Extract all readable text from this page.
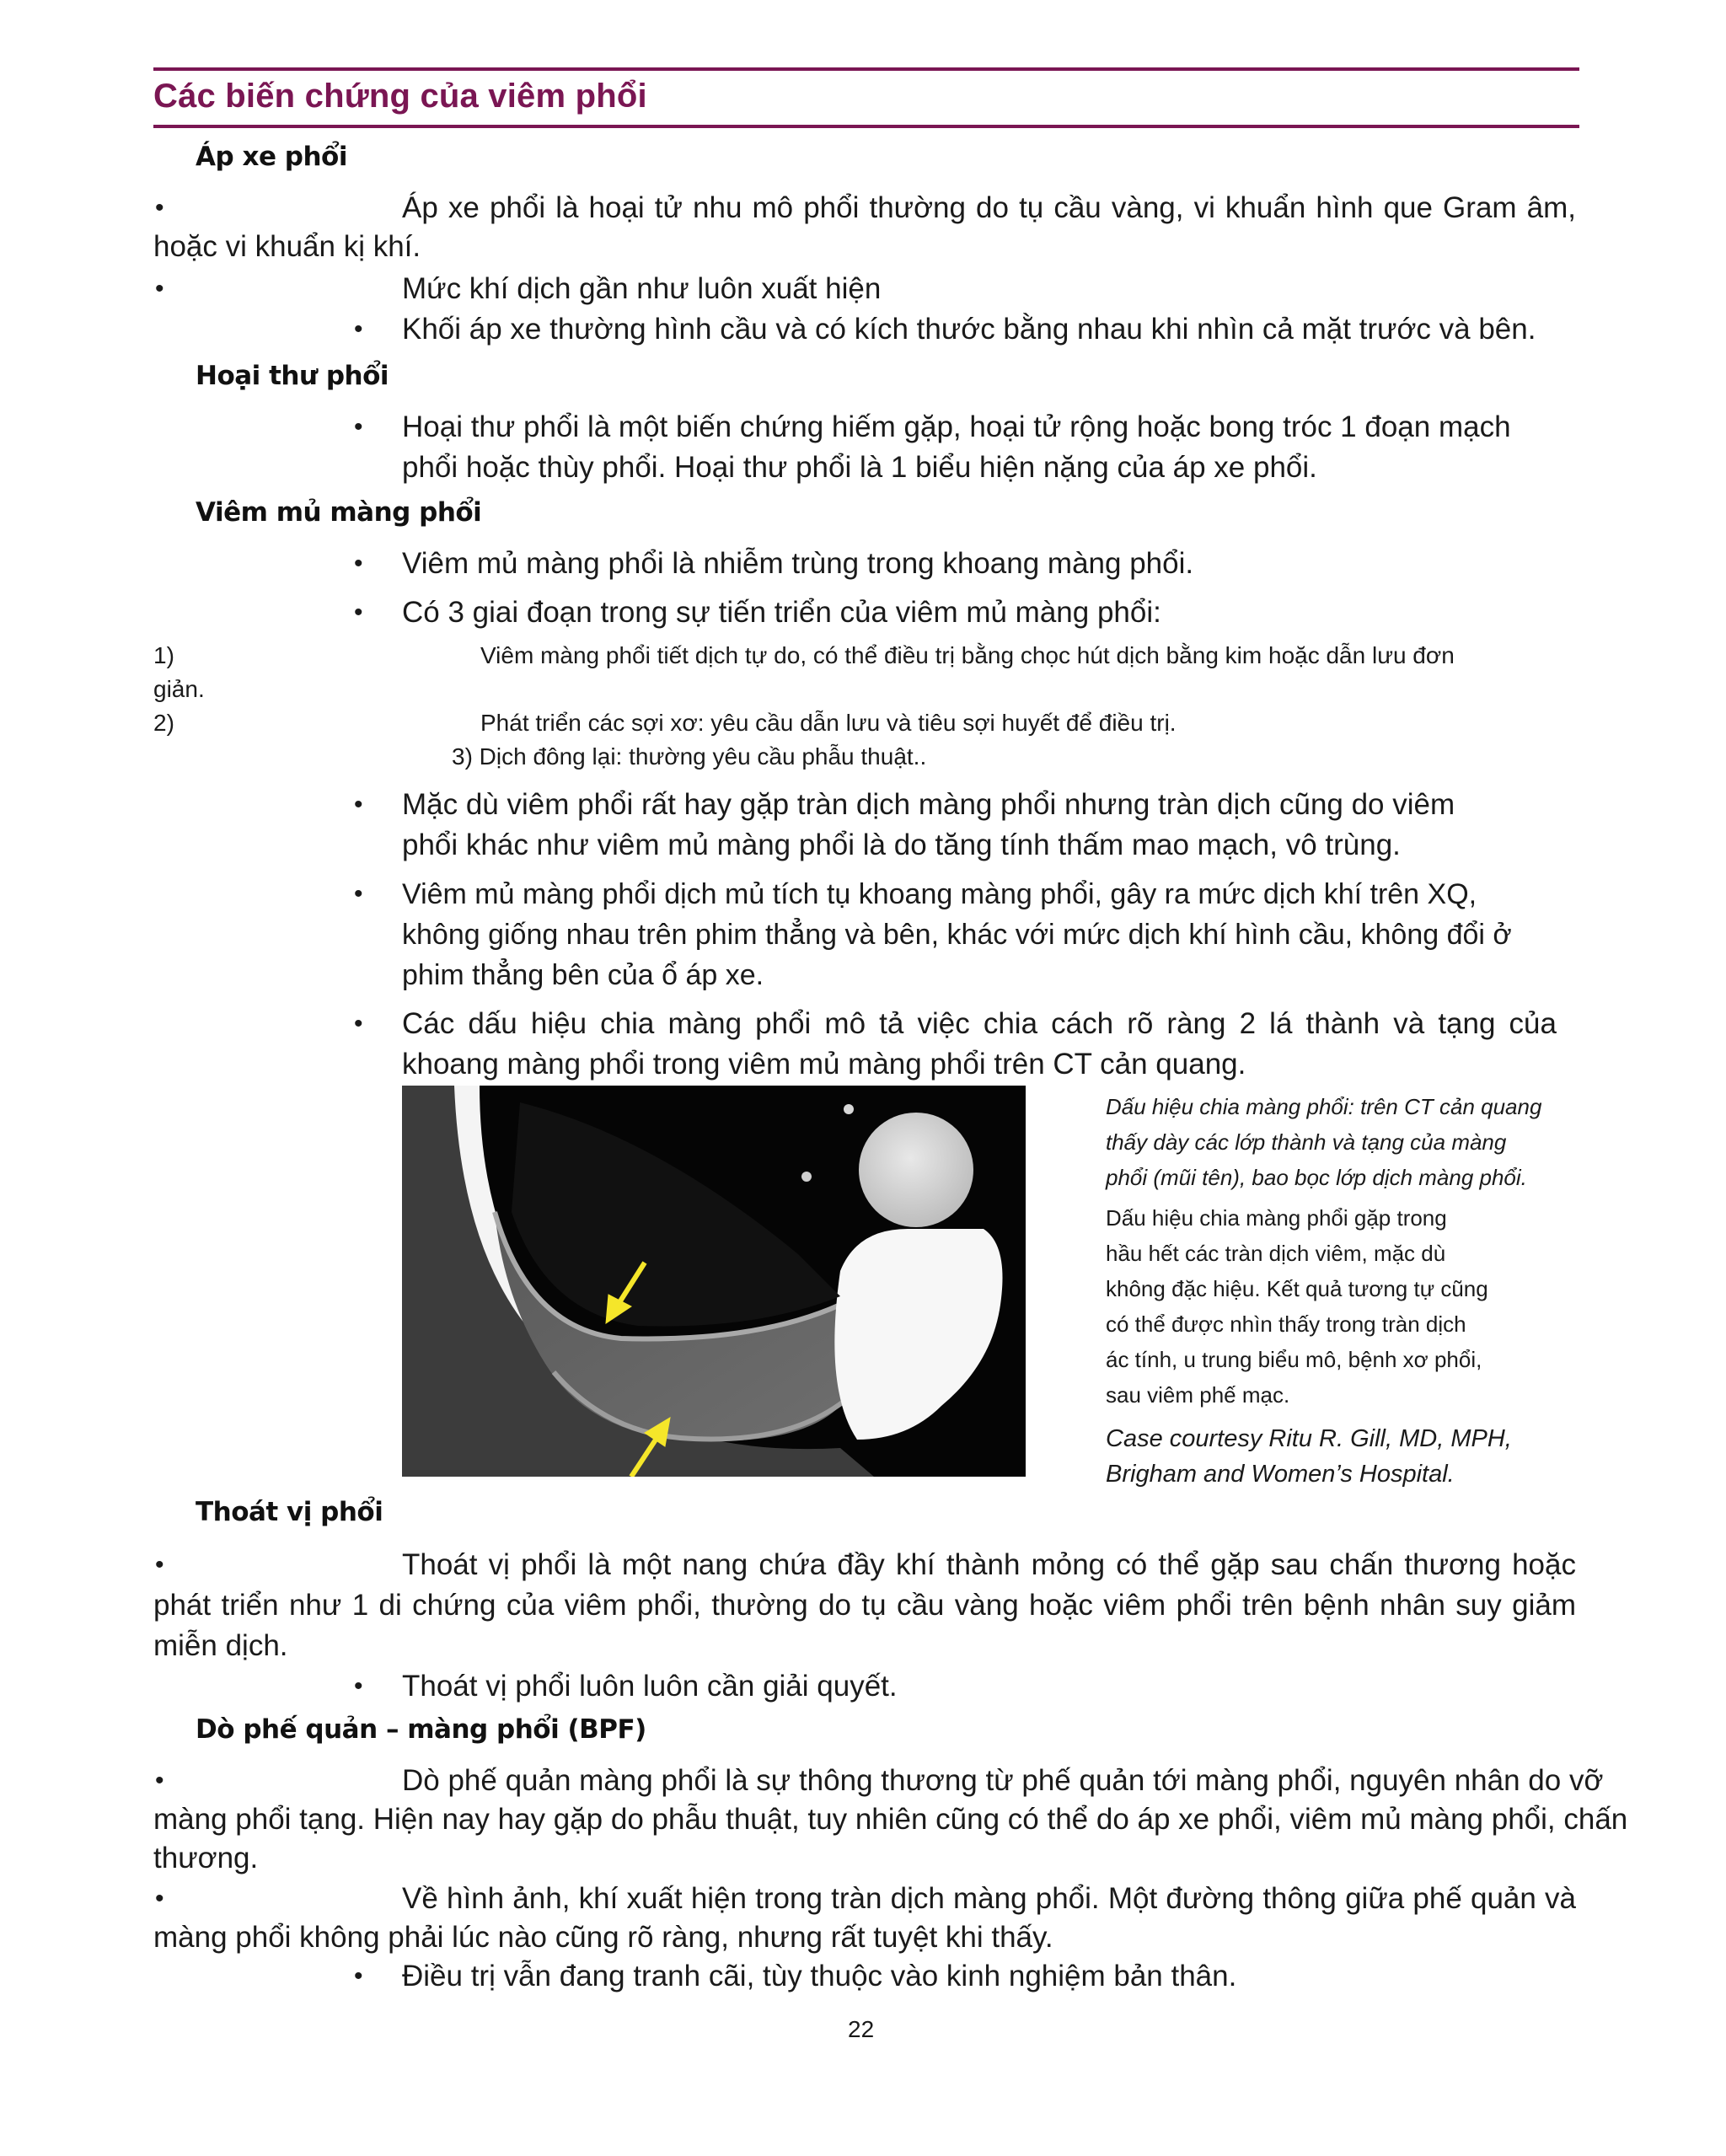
Các biến chứng của viêm phổi
Áp xe phổi
•	Áp xe phổi là hoại tử nhu mô phổi thường do tụ cầu vàng, vi khuẩn hình que Gram âm,
hoặc vi khuẩn kị khí.
•	Mức khí dịch gần như luôn xuất hiện
• Khối áp xe thường hình cầu và có kích thước bằng nhau khi nhìn cả mặt trước và bên.
Hoại thư phổi
• Hoại thư phổi là một biến chứng hiếm gặp, hoại tử rộng hoặc bong tróc 1 đoạn mạch
phổi hoặc thùy phổi. Hoại thư phổi là 1 biểu hiện nặng của áp xe phổi.
Viêm mủ màng phổi
• Viêm mủ màng phổi là nhiễm trùng trong khoang màng phổi.
• Có 3 giai đoạn trong sự tiến triển của viêm mủ màng phổi:
1)	Viêm màng phổi tiết dịch tự do, có thể điều trị bằng chọc hút dịch bằng kim hoặc dẫn lưu đơn
giản.
2)	Phát triển các sợi xơ: yêu cầu dẫn lưu và tiêu sợi huyết để điều trị.
3) Dịch đông lại: thường yêu cầu phẫu thuật..
• Mặc dù viêm phổi rất hay gặp tràn dịch màng phổi nhưng tràn dịch cũng do viêm
phổi khác như viêm mủ màng phổi là do tăng tính thấm mao mạch, vô trùng.
• Viêm mủ màng phổi dịch mủ tích tụ khoang màng phổi, gây ra mức dịch khí trên XQ,
không giống nhau trên phim thẳng và bên, khác với mức dịch khí hình cầu, không đổi ở
phim thẳng bên của ổ áp xe.
• Các dấu hiệu chia màng phổi mô tả việc chia cách rõ ràng 2 lá thành và tạng của
khoang màng phổi trong viêm mủ màng phổi trên CT cản quang.
Dấu hiệu chia màng phổi: trên CT cản quang
thấy dày các lớp thành và tạng của màng
phổi (mũi tên), bao bọc lớp dịch màng phổi.
Dấu hiệu chia màng phổi gặp trong
hầu hết các tràn dịch viêm, mặc dù
không đặc hiệu. Kết quả tương tự cũng
có thể được nhìn thấy trong tràn dịch
ác tính, u trung biểu mô, bệnh xơ phổi,
sau viêm phế mạc.
Case courtesy Ritu R. Gill, MD, MPH,
Brigham and Women’s Hospital.
Thoát vị phổi
•	Thoát vị phổi là một nang chứa đầy khí thành mỏng có thể gặp sau chấn thương hoặc
phát triển như 1 di chứng của viêm phổi, thường do tụ cầu vàng hoặc viêm phổi trên bệnh nhân suy giảm
miễn dịch.
• Thoát vị phổi luôn luôn cần giải quyết.
Dò phế quản – màng phổi (BPF)
•	Dò phế quản màng phổi là sự thông thương từ phế quản tới màng phổi, nguyên nhân do vỡ
màng phổi tạng. Hiện nay hay gặp do phẫu thuật, tuy nhiên cũng có thể do áp xe phổi, viêm mủ màng phổi, chấn
thương.
•	Về hình ảnh, khí xuất hiện trong tràn dịch màng phổi. Một đường thông giữa phế quản và
màng phổi không phải lúc nào cũng rõ ràng, nhưng rất tuyệt khi thấy.
• Điều trị vẫn đang tranh cãi, tùy thuộc vào kinh nghiệm bản thân.
22
